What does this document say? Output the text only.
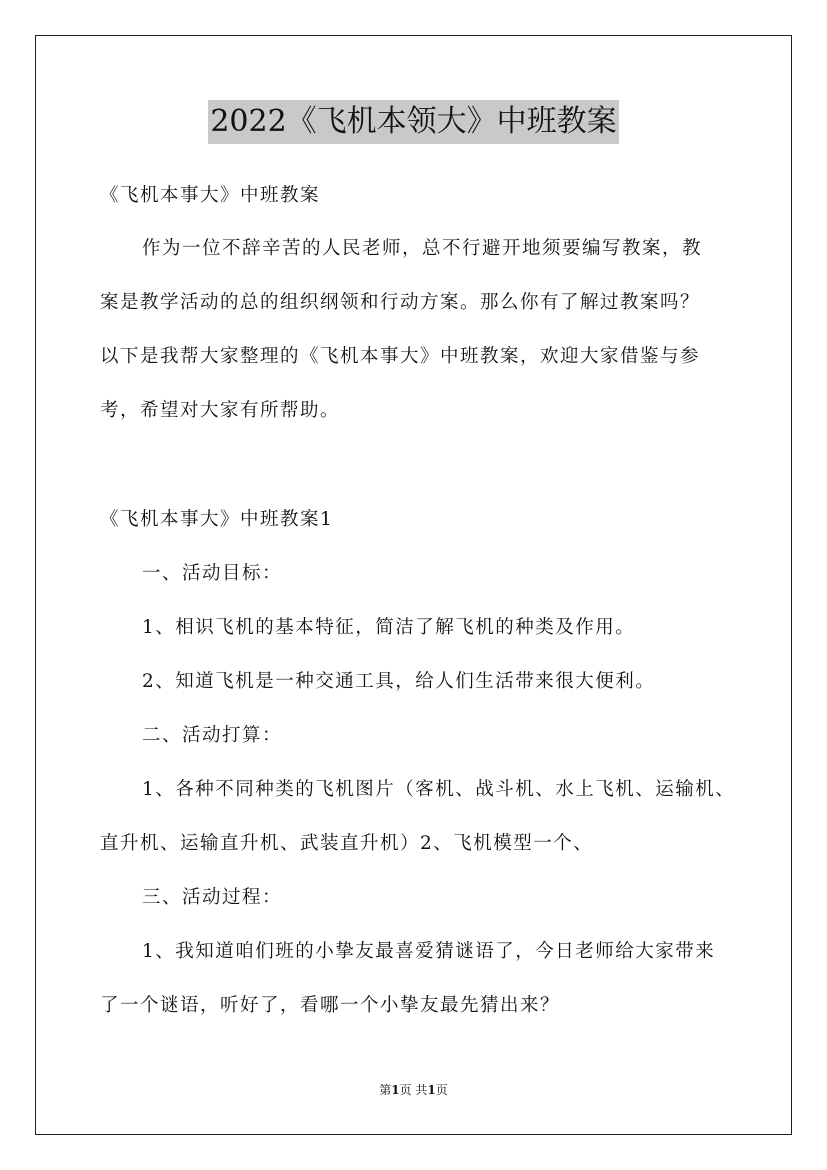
2022《飞机本领大》中班教案
《飞机本事大》中班教案
作为一位不辞辛苦的人民老师，总不行避开地须要编写教案，教
案是教学活动的总的组织纲领和行动方案。那么你有了解过教案吗？
以下是我帮大家整理的《飞机本事大》中班教案，欢迎大家借鉴与参
考，希望对大家有所帮助。
《飞机本事大》中班教案1
一、活动目标：
1、相识飞机的基本特征，简洁了解飞机的种类及作用。
2、知道飞机是一种交通工具，给人们生活带来很大便利。
二、活动打算：
1、各种不同种类的飞机图片（客机、战斗机、水上飞机、运输机、
直升机、运输直升机、武装直升机）2、飞机模型一个、
三、活动过程：
1、我知道咱们班的小挚友最喜爱猜谜语了，今日老师给大家带来
了一个谜语，听好了，看哪一个小挚友最先猜出来？
第1页 共1页
